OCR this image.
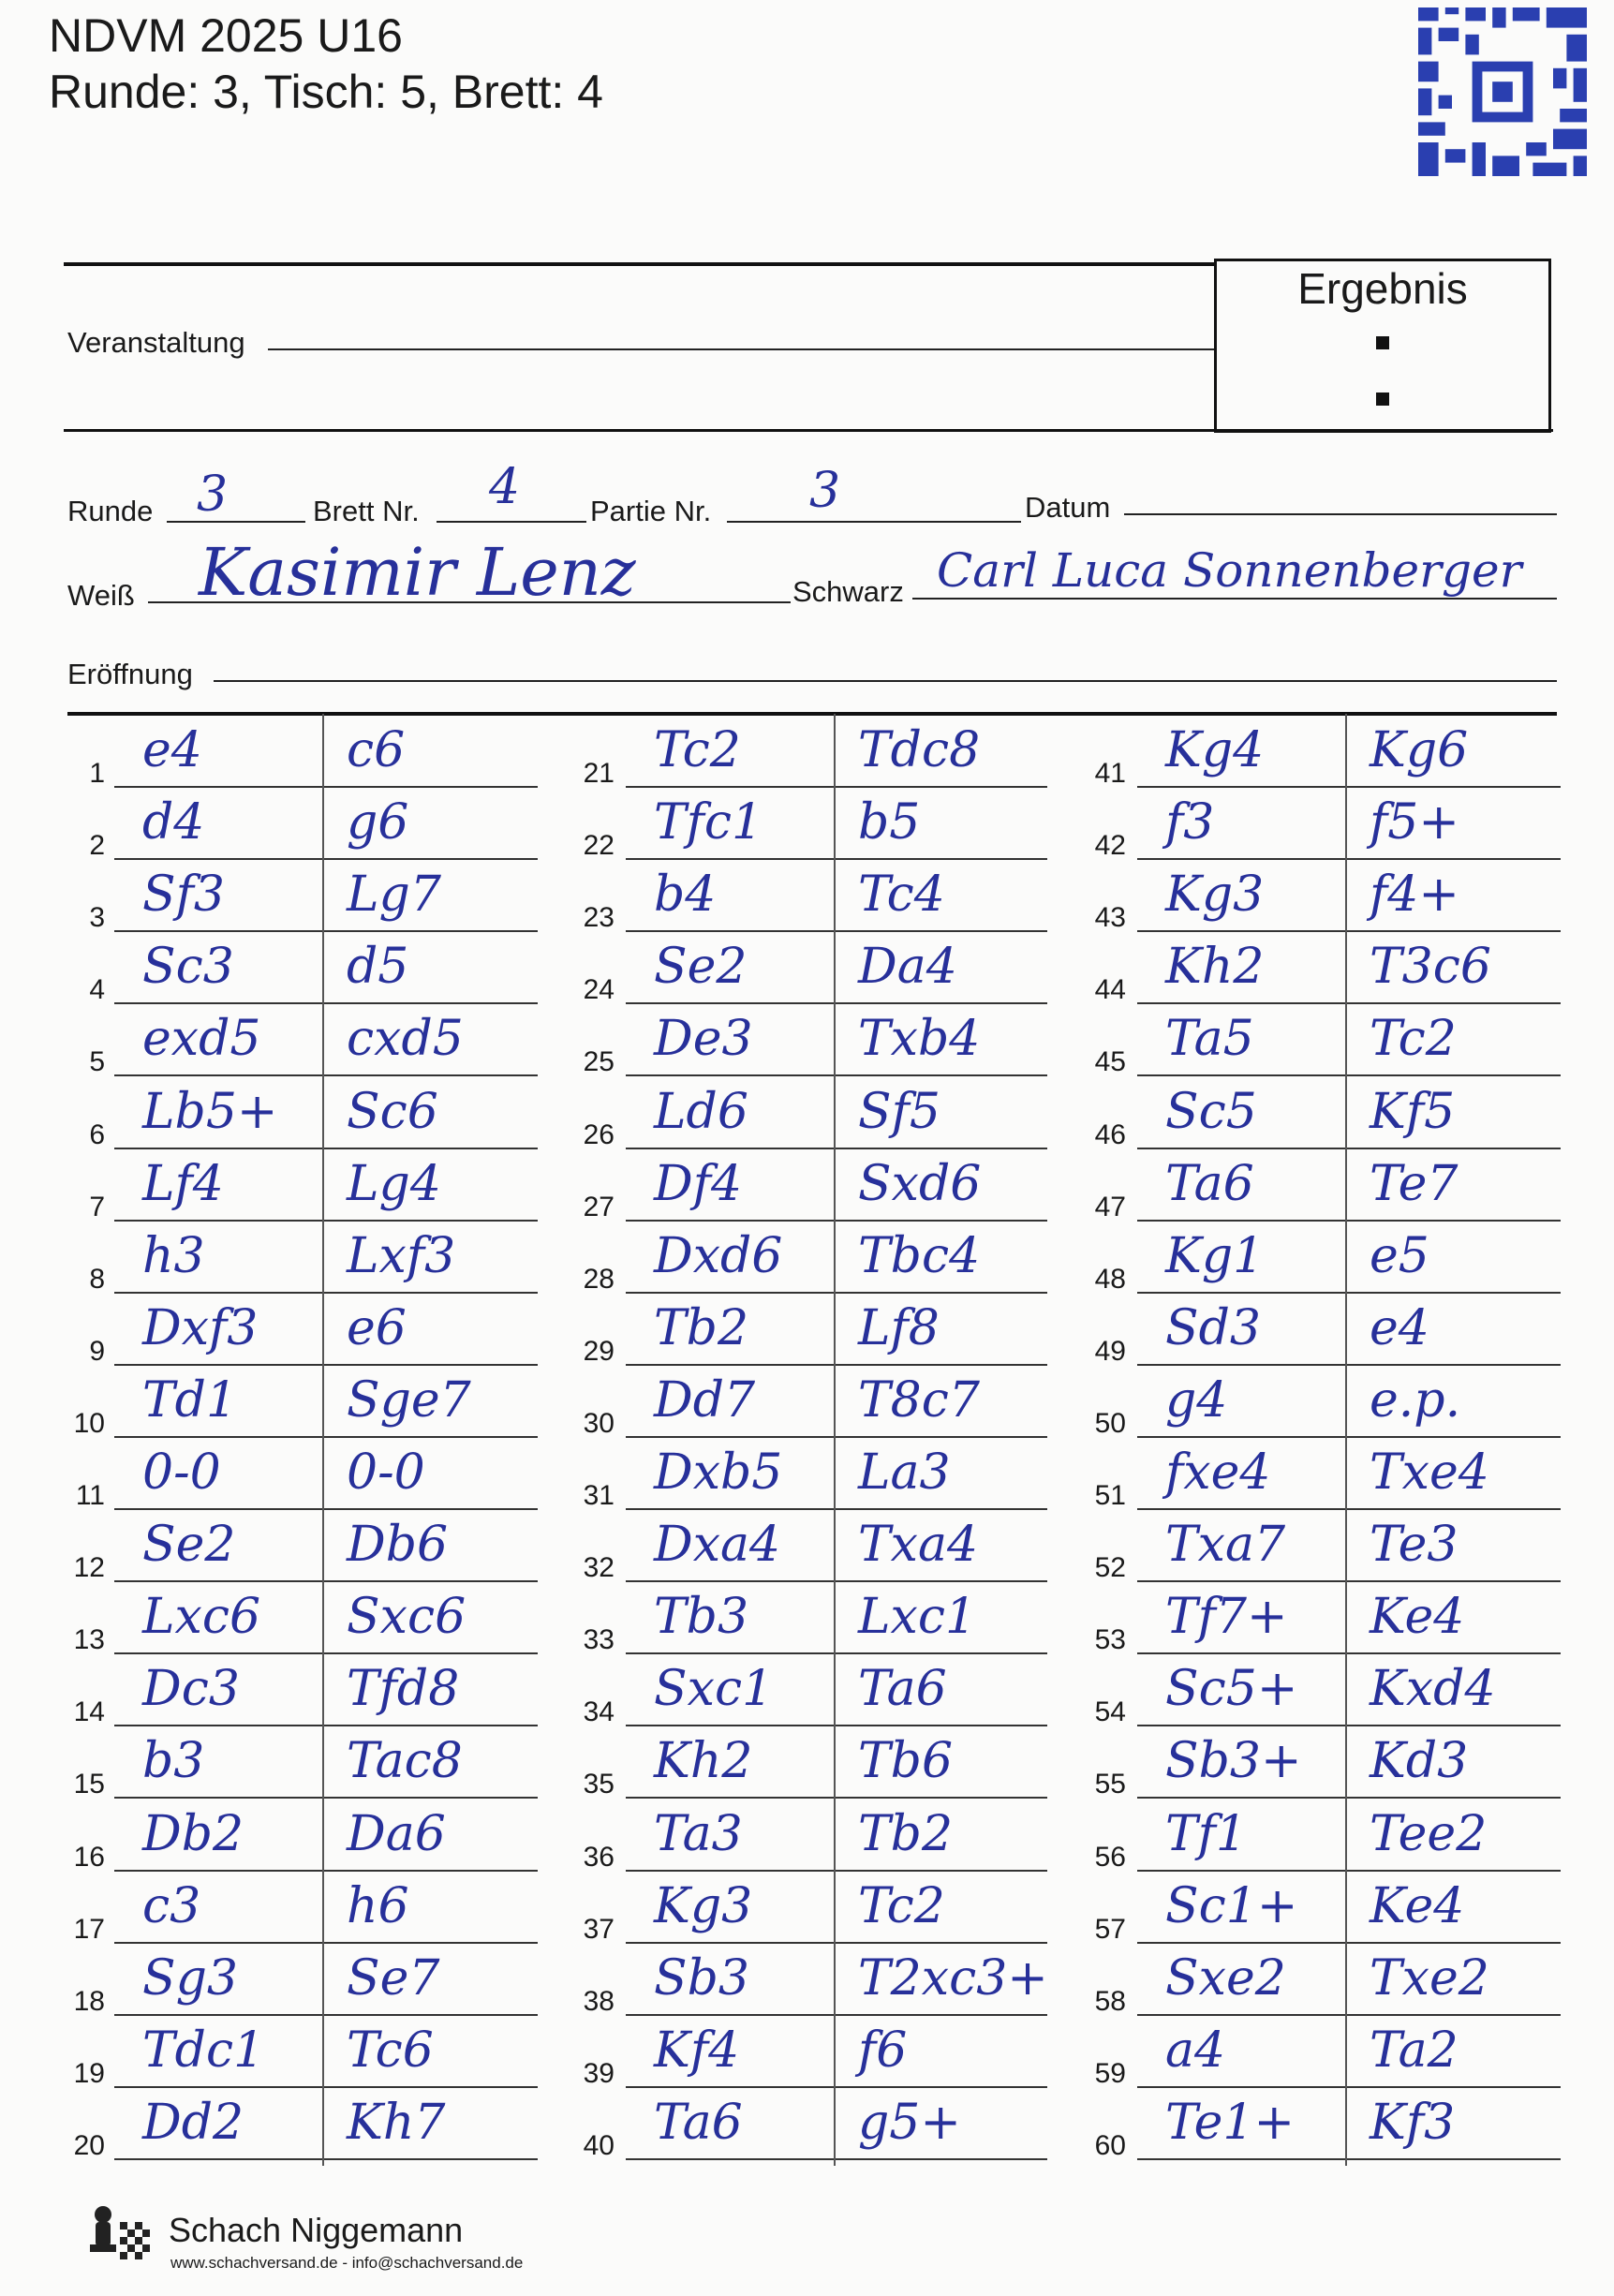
NDVM 2025 U16
Runde: 3, Tisch: 5, Brett: 4
Ergebnis
Veranstaltung
Runde 3	Brett Nr. 4 Partie Nr. 3	Datum
Weiß Kasimir Lenz	Schwarz Carl Luca Sonnenberger
Eröffnung
1 e4	c6
2 d4	g6
3 Sf3	Lg7
4 Sc3 d5
5 exd5 cxd5
6 Lb5+ Sc6
7 Lf4	Lg4
8 h3	Lxf3
9 Dxf3 e6
10 Td1 Sge7
11 0-0	0-0
12 Se2 Db6
13 Lxc6 Sxc6
14 Dc3 Tfd8
15 b3	Tac8
16 Db2 Da6
17 c3	h6
18 Sg3 Se7
19 Tdc1 Tc6
20 Dd2 Kh7
21 Tc2 Tdc8
22 Tfc1 b5
23 b4	Tc4
24 Se2 Da4
25 De3 Txb4
26 Ld6 Sf5
27 Df4 Sxd6
28 Dxd6 Tbc4
29 Tb2 Lf8
30 Dd7 T8c7
31 Dxb5 La3
32 Dxa4 Txa4
33 Tb3 Lxc1
34 Sxc1 Ta6
35 Kh2 Tb6
36 Ta3 Tb2
37 Kg3 Tc2
38 Sb3 T2xc3+
39 Kf4 f6
40 Ta6 g5+
41 Kg4 Kg6
42 f3	f5+
43 Kg3 f4+
44 Kh2 T3c6
45 Ta5 Tc2
46 Sc5 Kf5
47 Ta6 Te7
48 Kg1 e5
49 Sd3 e4
50 g4	e.p.
51 fxe4 Txe4
52 Txa7 Te3
53 Tf7+ Ke4
54 Sc5+ Kxd4
55 Sb3+ Kd3
56 Tf1	Tee2
57 Sc1+ Ke4
58 Sxe2 Txe2
59 a4	Ta2
60 Te1+ Kf3
Schach Niggemann
www.schachversand.de - info@schachversand.de
